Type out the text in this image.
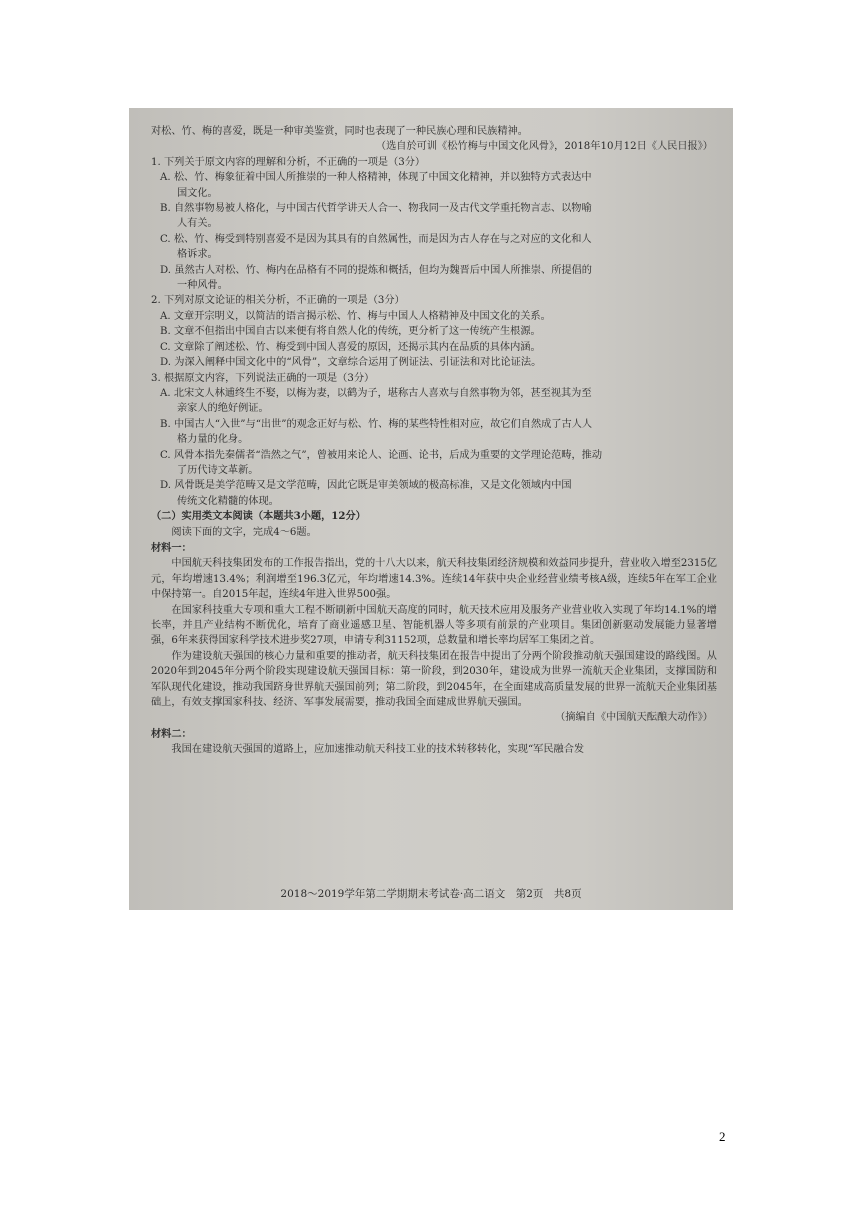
对松、竹、梅的喜爱，既是一种审美鉴赏，同时也表现了一种民族心理和民族精神。
（选自於可训《松竹梅与中国文化风骨》，2018年10月12日《人民日报》）
1. 下列关于原文内容的理解和分析，不正确的一项是（3分）
A. 松、竹、梅象征着中国人所推崇的一种人格精神，体现了中国文化精神，并以独特方式表达中
国文化。
B. 自然事物易被人格化，与中国古代哲学讲天人合一、物我同一及古代文学重托物言志、以物喻
人有关。
C. 松、竹、梅受到特别喜爱不是因为其具有的自然属性，而是因为古人存在与之对应的文化和人
格诉求。
D. 虽然古人对松、竹、梅内在品格有不同的提炼和概括，但均为魏晋后中国人所推崇、所提倡的
一种风骨。
2. 下列对原文论证的相关分析，不正确的一项是（3分）
A. 文章开宗明义，以简洁的语言揭示松、竹、梅与中国人人格精神及中国文化的关系。
B. 文章不但指出中国自古以来便有将自然人化的传统，更分析了这一传统产生根源。
C. 文章除了阐述松、竹、梅受到中国人喜爱的原因，还揭示其内在品质的具体内涵。
D. 为深入阐释中国文化中的“风骨”，文章综合运用了例证法、引证法和对比论证法。
3. 根据原文内容，下列说法正确的一项是（3分）
A. 北宋文人林逋终生不娶，以梅为妻，以鹤为子，堪称古人喜欢与自然事物为邻，甚至视其为至
亲家人的绝好例证。
B. 中国古人“入世”与“出世”的观念正好与松、竹、梅的某些特性相对应，故它们自然成了古人人
格力量的化身。
C. 风骨本指先秦儒者“浩然之气”，曾被用来论人、论画、论书，后成为重要的文学理论范畴，推动
了历代诗文革新。
D. 风骨既是美学范畴又是文学范畴，因此它既是审美领域的极高标准，又是文化领域内中国
传统文化精髓的体现。
（二）实用类文本阅读（本题共3小题，12分）
阅读下面的文字，完成4～6题。
材料一：
中国航天科技集团发布的工作报告指出，党的十八大以来，航天科技集团经济规模和效益同步提升，营业收入增至2315亿元，年均增速13.4%；利润增至196.3亿元，年均增速14.3%。连续14年获中央企业经营业绩考核A级，连续5年在军工企业中保持第一。自2015年起，连续4年进入世界500强。
在国家科技重大专项和重大工程不断刷新中国航天高度的同时，航天技术应用及服务产业营业收入实现了年均14.1%的增长率，并且产业结构不断优化，培育了商业遥感卫星、智能机器人等多项有前景的产业项目。集团创新驱动发展能力显著增强，6年来获得国家科学技术进步奖27项，申请专利31152项，总数量和增长率均居军工集团之首。
作为建设航天强国的核心力量和重要的推动者，航天科技集团在报告中提出了分两个阶段推动航天强国建设的路线图。从2020年到2045年分两个阶段实现建设航天强国目标：第一阶段，到2030年，建设成为世界一流航天企业集团，支撑国防和军队现代化建设，推动我国跻身世界航天强国前列；第二阶段，到2045年，在全面建成高质量发展的世界一流航天企业集团基础上，有效支撑国家科技、经济、军事发展需要，推动我国全面建成世界航天强国。
（摘编自《中国航天酝酿大动作》）
材料二：
我国在建设航天强国的道路上，应加速推动航天科技工业的技术转移转化，实现“军民融合发
2018～2019学年第二学期期末考试卷·高二语文　第2页　共8页
2
